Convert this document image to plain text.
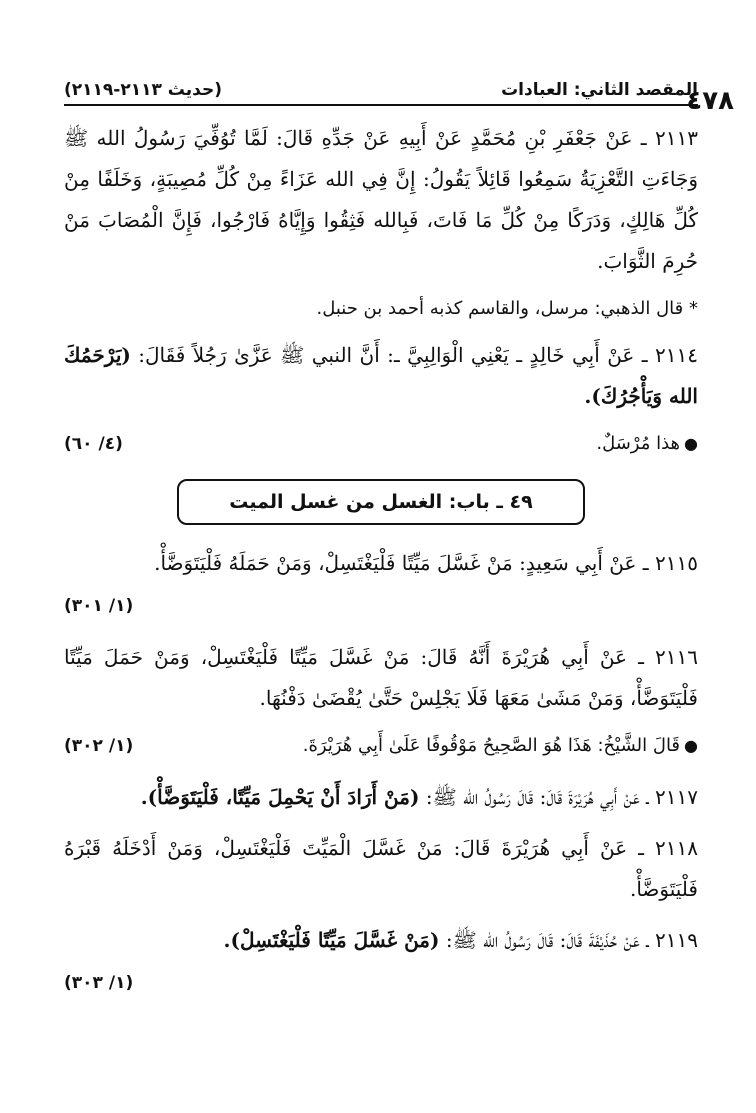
المقصد الثاني: العبادات
(حديث ٢١١٣-٢١١٩)	٤٧٨

٢١١٣ ـ عَنْ جَعْفَرِ بْنِ مُحَمَّدٍ عَنْ أَبِيهِ عَنْ جَدِّهِ قَالَ: لَمَّا تُوُفِّيَ رَسُولُ الله ﷺ وَجَاءَتِ التَّعْزِيَةُ سَمِعُوا قَائِلاً يَقُولُ: إِنَّ فِي الله عَزَاءً مِنْ كُلِّ مُصِيبَةٍ، وَخَلَفًا مِنْ كُلِّ هَالِكٍ، وَدَرَكًا مِنْ كُلِّ مَا فَاتَ، فَبِالله فَثِقُوا وَإِيَّاهُ فَارْجُوا، فَإِنَّ الْمُصَابَ مَنْ حُرِمَ الثَّوَابَ.

* قال الذهبي: مرسل، والقاسم كذبه أحمد بن حنبل.

٢١١٤ ـ عَنْ أَبِي خَالِدٍ ـ يَعْنِي الْوَالِبِيَّ ـ: أَنَّ النبي ﷺ عَزَّىٰ رَجُلاً فَقَالَ: (يَرْحَمُكَ الله وَيَأْجُرُكَ).

●هذا مُرْسَلٌ.
(٤/ ٦٠)
٤٩ ـ باب: الغسل من غسل الميت
٢١١٥ ـ عَنْ أَبِي سَعِيدٍ: مَنْ غَسَّلَ مَيِّتًا فَلْيَغْتَسِلْ، وَمَنْ حَمَلَهُ فَلْيَتَوَضَّأْ.
(١/ ٣٠١)

٢١١٦ ـ عَنْ أَبِي هُرَيْرَةَ أَنَّهُ قَالَ: مَنْ غَسَّلَ مَيِّتًا فَلْيَغْتَسِلْ، وَمَنْ حَمَلَ مَيِّتًا فَلْيَتَوَضَّأْ، وَمَنْ مَشَىٰ مَعَهَا فَلَا يَجْلِسْ حَتَّىٰ يُقْضَىٰ دَفْنُهَا.

●قَالَ الشَّيْخُ: هَذَا هُوَ الصَّحِيحُ مَوْقُوفًا عَلَىٰ أَبِي هُرَيْرَةَ.
(١/ ٣٠٢)

٢١١٧ ـ عَنْ أَبِي هُرَيْرَةَ قَالَ: قَالَ رَسُولُ الله ﷺ: (مَنْ أَرَادَ أَنْ يَحْمِلَ مَيِّتًا، فَلْيَتَوَضَّأْ).

٢١١٨ ـ عَنْ أَبِي هُرَيْرَةَ قَالَ: مَنْ غَسَّلَ الْمَيِّتَ فَلْيَغْتَسِلْ، وَمَنْ أَدْخَلَهُ قَبْرَهُ فَلْيَتَوَضَّأْ.

٢١١٩ ـ عَنْ حُذَيْفَةَ قَالَ: قَالَ رَسُولُ الله ﷺ: (مَنْ غَسَّلَ مَيِّتًا فَلْيَغْتَسِلْ).
(١/ ٣٠٣)
